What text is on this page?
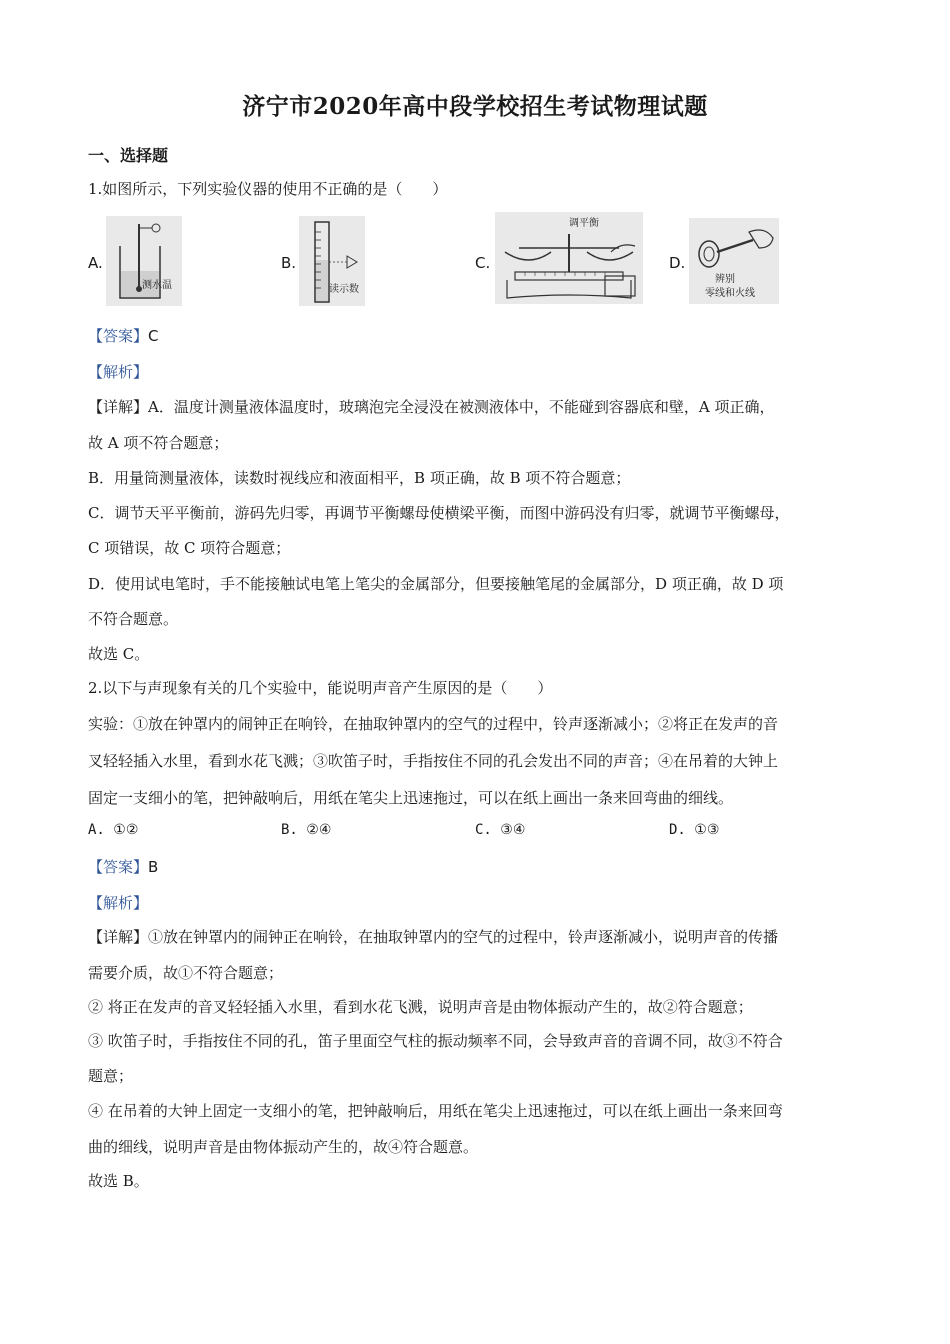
济宁市2020年高中段学校招生考试物理试题
一、选择题
1.如图所示，下列实验仪器的使用不正确的是（　　）
A.
测水温
B.
读示数
C.
调平衡
D.
辨别
零线和火线
【答案】C
【解析】
【详解】A．温度计测量液体温度时，玻璃泡完全浸没在被测液体中，不能碰到容器底和壁，A 项正确，
故 A 项不符合题意；
B．用量筒测量液体，读数时视线应和液面相平，B 项正确，故 B 项不符合题意；
C．调节天平平衡前，游码先归零，再调节平衡螺母使横梁平衡，而图中游码没有归零，就调节平衡螺母，
C 项错误，故 C 项符合题意；
D．使用试电笔时，手不能接触试电笔上笔尖的金属部分，但要接触笔尾的金属部分，D 项正确，故 D 项
不符合题意。
故选 C。
2.以下与声现象有关的几个实验中，能说明声音产生原因的是（　　）
实验：①放在钟罩内的闹钟正在响铃，在抽取钟罩内的空气的过程中，铃声逐渐减小；②将正在发声的音
叉轻轻插入水里，看到水花飞溅；③吹笛子时，手指按住不同的孔会发出不同的声音；④在吊着的大钟上
固定一支细小的笔，把钟敲响后，用纸在笔尖上迅速拖过，可以在纸上画出一条来回弯曲的细线。
A. ①②	B. ②④	C. ③④	D. ①③
【答案】B
【解析】
【详解】①放在钟罩内的闹钟正在响铃，在抽取钟罩内的空气的过程中，铃声逐渐减小，说明声音的传播
需要介质，故①不符合题意；
② 将正在发声的音叉轻轻插入水里，看到水花飞溅，说明声音是由物体振动产生的，故②符合题意；
③ 吹笛子时，手指按住不同的孔，笛子里面空气柱的振动频率不同，会导致声音的音调不同，故③不符合
题意；
④ 在吊着的大钟上固定一支细小的笔，把钟敲响后，用纸在笔尖上迅速拖过，可以在纸上画出一条来回弯
曲的细线，说明声音是由物体振动产生的，故④符合题意。
故选 B。
